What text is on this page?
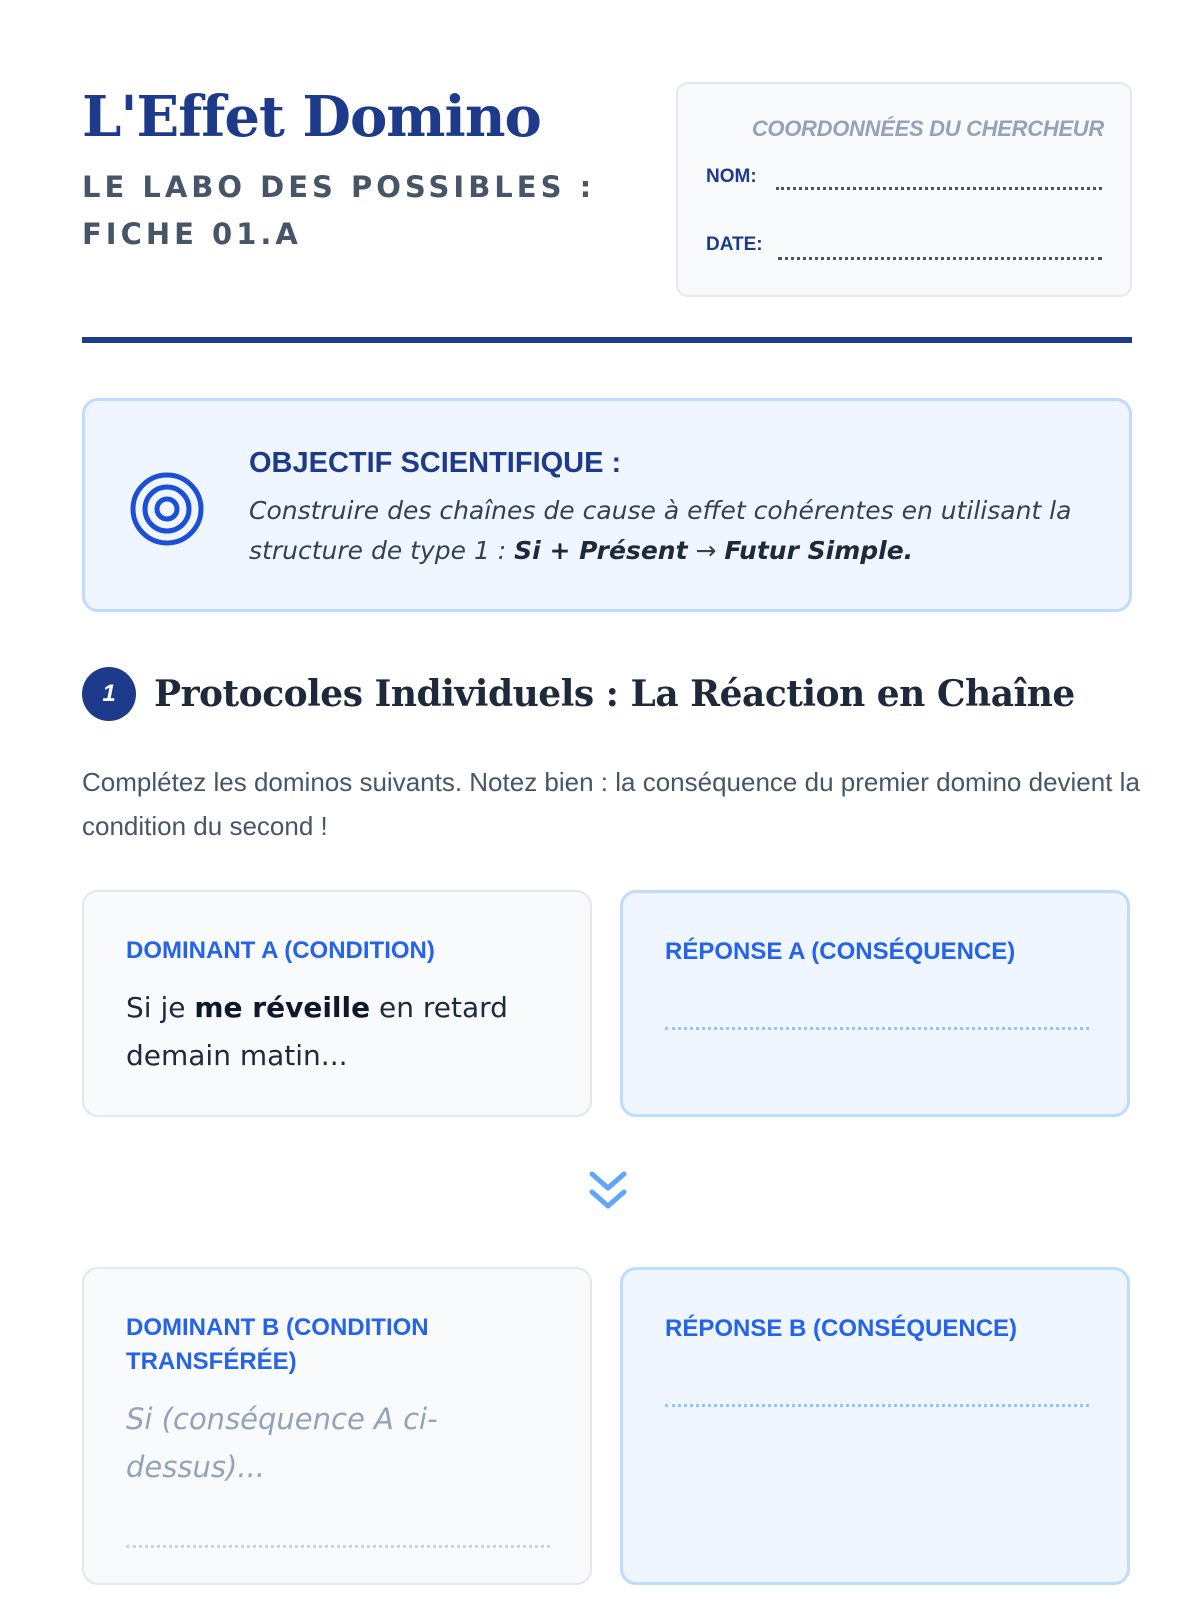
L'Effet Domino
LE LABO DES POSSIBLES : FICHE 01.A
COORDONNÉES DU CHERCHEUR
NOM:
DATE:
OBJECTIF SCIENTIFIQUE :
Construire des chaînes de cause à effet cohérentes en utilisant la structure de type 1 : Si + Présent → Futur Simple.
1	Protocoles Individuels : La Réaction en Chaîne
Complétez les dominos suivants. Notez bien : la conséquence du premier domino devient la condition du second !
DOMINANT A (CONDITION)
Si je me réveille en retard demain matin...
RÉPONSE A (CONSÉQUENCE)
DOMINANT B (CONDITION TRANSFÉRÉE)
Si (conséquence A ci-dessus)...
RÉPONSE B (CONSÉQUENCE)
